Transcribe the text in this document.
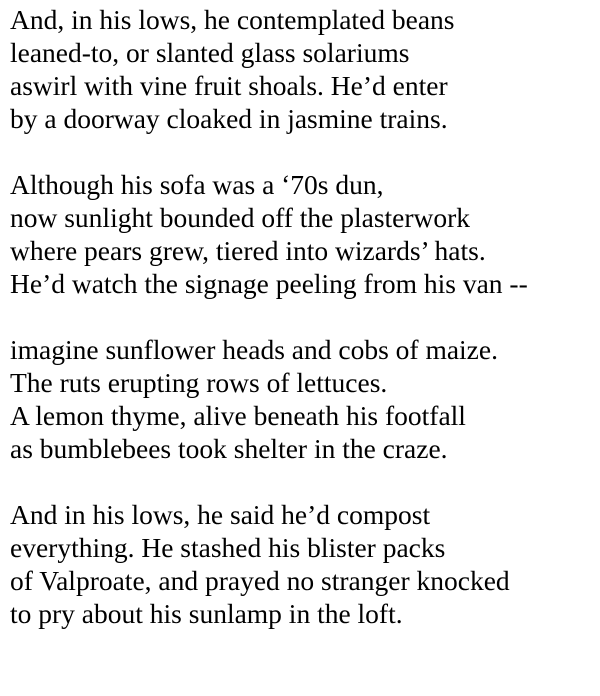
And, in his lows, he contemplated beans
leaned-to, or slanted glass solariums
aswirl with vine fruit shoals. He’d enter
by a doorway cloaked in jasmine trains.
Although his sofa was a ‘70s dun,
now sunlight bounded off the plasterwork
where pears grew, tiered into wizards’ hats.
He’d watch the signage peeling from his van --
imagine sunflower heads and cobs of maize.
The ruts erupting rows of lettuces.
A lemon thyme, alive beneath his footfall
as bumblebees took shelter in the craze.
And in his lows, he said he’d compost
everything. He stashed his blister packs
of Valproate, and prayed no stranger knocked
to pry about his sunlamp in the loft.
